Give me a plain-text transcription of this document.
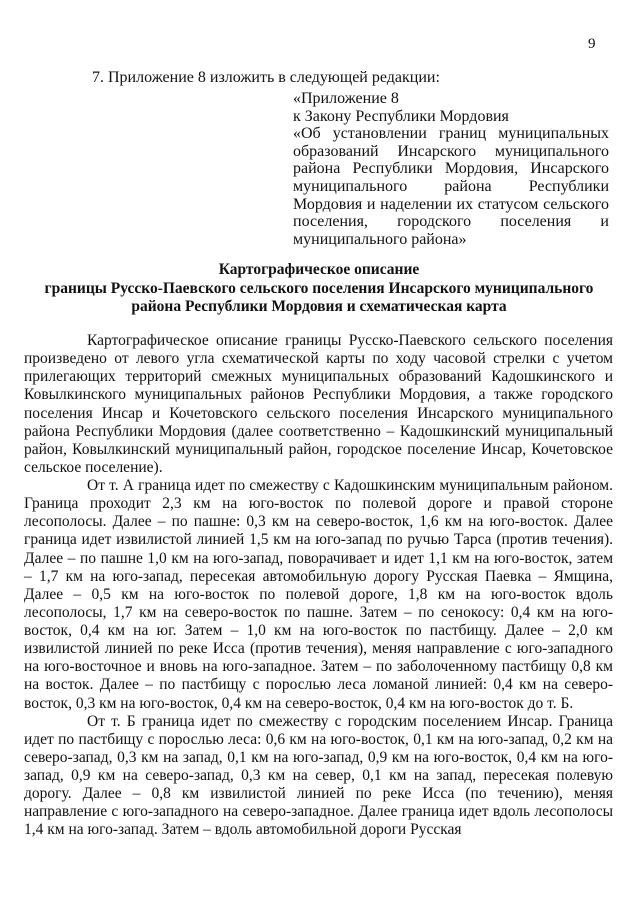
9
7. Приложение 8 изложить в следующей редакции:
«Приложение 8
к Закону Республики Мордовия
«Об установлении границ муниципальных образований Инсарского муниципального района Республики Мордовия, Инсарского муниципального района Республики Мордовия и наделении их статусом сельского поселения, городского поселения и муниципального района»
Картографическое описание
границы Русско-Паевского сельского поселения Инсарского муниципального района Республики Мордовия и схематическая карта

Картографическое описание границы Русско-Паевского сельского поселения произведено от левого угла схематической карты по ходу часовой стрелки с учетом прилегающих территорий смежных муниципальных образований Кадошкинского и Ковылкинского муниципальных районов Республики Мордовия, а также городского поселения Инсар и Кочетовского сельского поселения Инсарского муниципального района Республики Мордовия (далее соответственно – Кадошкинский муниципальный район, Ковылкинский муниципальный район, городское поселение Инсар, Кочетовское сельское поселение).

От т. А граница идет по смежеству с Кадошкинским муниципальным районом. Граница проходит 2,3 км на юго-восток по полевой дороге и правой стороне лесополосы. Далее – по пашне: 0,3 км на северо-восток, 1,6 км на юго-восток. Далее граница идет извилистой линией 1,5 км на юго-запад по ручью Тарса (против течения). Далее – по пашне 1,0 км на юго-запад, поворачивает и идет 1,1 км на юго-восток, затем – 1,7 км на юго-запад, пересекая автомобильную дорогу Русская Паевка – Ямщина, Далее – 0,5 км на юго-восток по полевой дороге, 1,8 км на юго-восток вдоль лесополосы, 1,7 км на северо-восток по пашне. Затем – по сенокосу: 0,4 км на юго-восток, 0,4 км на юг. Затем – 1,0 км на юго-восток по пастбищу. Далее – 2,0 км извилистой линией по реке Исса (против течения), меняя направление с юго-западного на юго-восточное и вновь на юго-западное. Затем – по заболоченному пастбищу 0,8 км на восток. Далее – по пастбищу с порослью леса ломаной линией: 0,4 км на северо-восток, 0,3 км на юго-восток, 0,4 км на северо-восток, 0,4 км на юго-восток до т. Б.

От т. Б граница идет по смежеству с городским поселением Инсар. Граница идет по пастбищу с порослью леса: 0,6 км на юго-восток, 0,1 км на юго-запад, 0,2 км на северо-запад, 0,3 км на запад, 0,1 км на юго-запад, 0,9 км на юго-восток, 0,4 км на юго-запад, 0,9 км на северо-запад, 0,3 км на север, 0,1 км на запад, пересекая полевую дорогу. Далее – 0,8 км извилистой линией по реке Исса (по течению), меняя направление с юго-западного на северо-западное. Далее граница идет вдоль лесополосы 1,4 км на юго-запад. Затем – вдоль автомобильной дороги Русская
